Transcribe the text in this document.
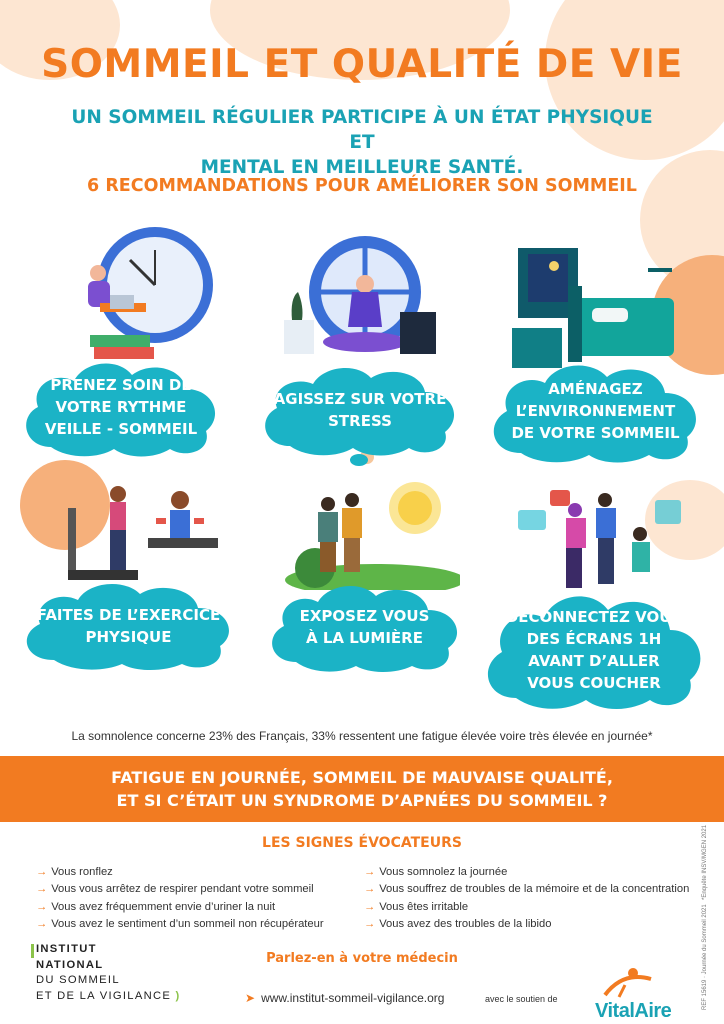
SOMMEIL ET QUALITÉ DE VIE
UN SOMMEIL RÉGULIER PARTICIPE À UN ÉTAT PHYSIQUE ET
MENTAL EN MEILLEURE SANTÉ.
6 RECOMMANDATIONS POUR AMÉLIORER SON SOMMEIL
PRENEZ SOIN DE
VOTRE RYTHME
VEILLE - SOMMEIL
AGISSEZ SUR VOTRE
STRESS
AMÉNAGEZ
L’ENVIRONNEMENT
DE VOTRE SOMMEIL
FAITES DE L’EXERCICE
PHYSIQUE
EXPOSEZ VOUS
À LA LUMIÈRE
DÉCONNECTEZ VOUS
DES ÉCRANS 1H
AVANT D’ALLER
VOUS COUCHER
La somnolence concerne 23% des Français, 33% ressentent une fatigue élevée voire très élevée en journée*
FATIGUE EN JOURNÉE, SOMMEIL DE MAUVAISE QUALITÉ,
ET SI C’ÉTAIT UN SYNDROME D’APNÉES DU SOMMEIL ?
LES SIGNES ÉVOCATEURS
→ Vous ronflez
→ Vous vous arrêtez de respirer pendant votre sommeil
→ Vous avez fréquemment envie d’uriner la nuit
→ Vous avez le sentiment d’un sommeil non récupérateur
→ Vous somnolez la journée
→ Vous souffrez de troubles de la mémoire et de la concentration
→ Vous êtes irritable
→ Vous avez des troubles de la libido
INSTITUT
NATIONAL
DU SOMMEIL
ET DE LA VIGILANCE )
Parlez-en à votre médecin
➤ www.institut-sommeil-vigilance.org	avec le soutien de
VitalAire
*Enquête INSV/MGEN 2021
REF 15619 · Journée du Sommeil 2021
